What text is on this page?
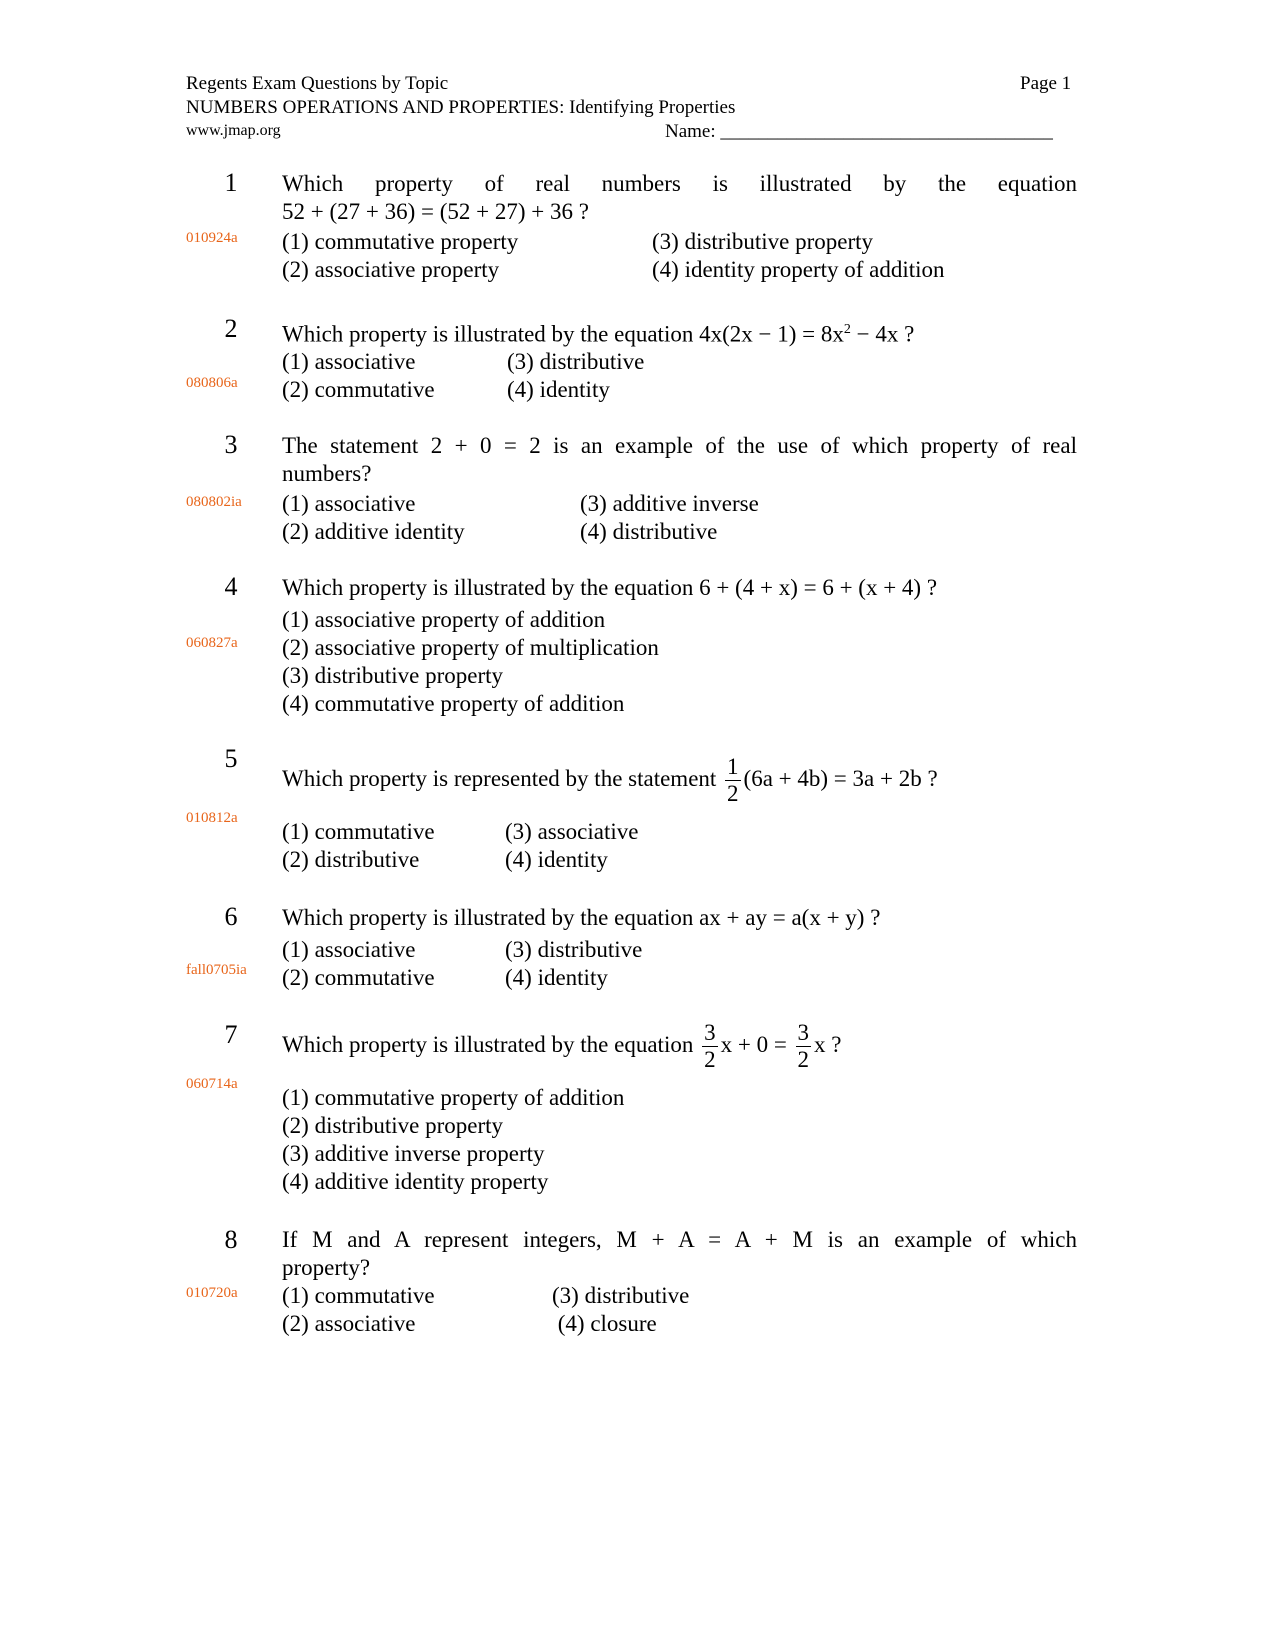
Regents Exam Questions by Topic	Page 1
NUMBERS OPERATIONS AND PROPERTIES: Identifying Properties
www.jmap.org	Name: ___________________________________
1
010924a
Which property of real numbers is illustrated by the equation
52 + (27 + 36) = (52 + 27) + 36 ?
(1) commutative property
(2) associative property
(3) distributive property
(4) identity property of addition
2
080806a
Which property is illustrated by the equation $4x(2x - 1) = 8x^2 - 4x$ ?
(1) associative
(2) commutative
(3) distributive
(4) identity
3
080802ia
The statement 2 + 0 = 2 is an example of the use of which property of real
numbers?
(1) associative
(2) additive identity
(3) additive inverse
(4) distributive
4
060827a
Which property is illustrated by the equation 6 + (4 + x) = 6 + (x + 4) ?
(1) associative property of addition
(2) associative property of multiplication
(3) distributive property
(4) commutative property of addition
5
010812a
Which property is represented by the statement $\frac{1}{2} (6a + 4b) = 3a + 2b$ ?
(1) commutative
(2) distributive
(3) associative
(4) identity
6
fall0705ia
Which property is illustrated by the equation ax + ay = a(x + y) ?
(1) associative
(2) commutative
(3) distributive
(4) identity
7
060714a
Which property is illustrated by the equation $\frac{3}{2}$ $x + 0 = \frac{3}{2}$ x ?
(1) commutative property of addition
(2) distributive property
(3) additive inverse property
(4) additive identity property
8
010720a
If M and A represent integers, M + A = A + M is an example of which
property?
(1) commutative
(2) associative
(3) distributive
(4) closure
